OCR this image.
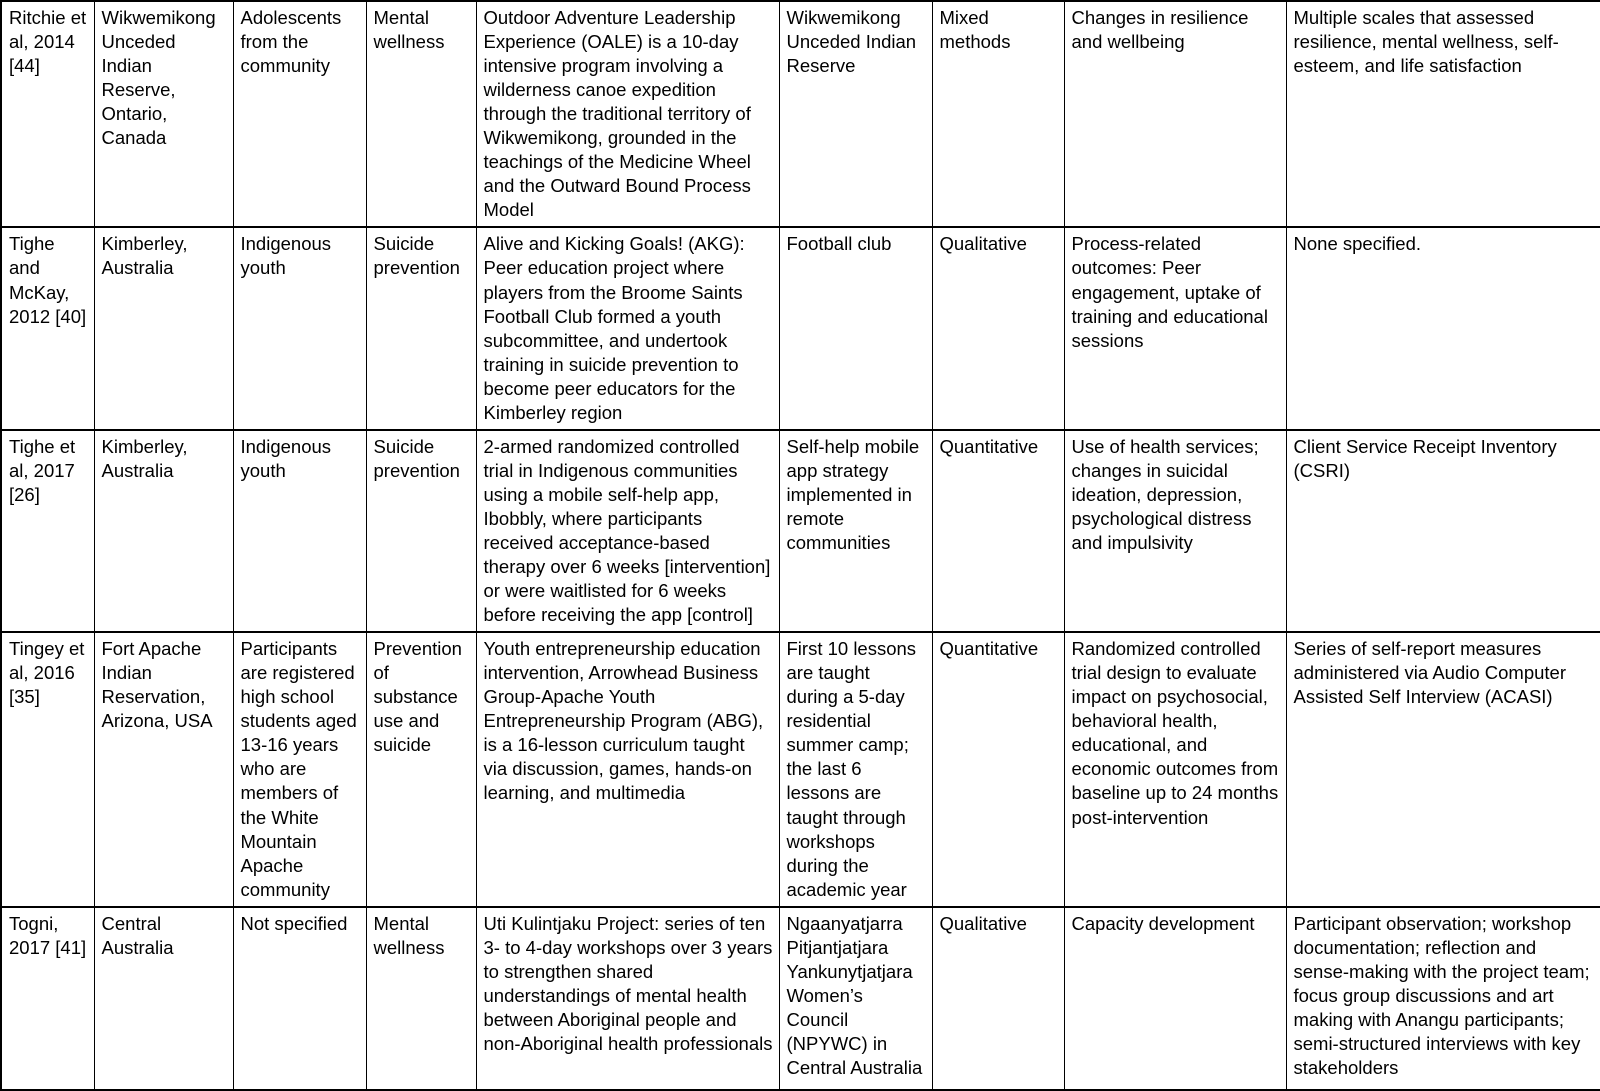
Ritchie et al, 2014 [44]	Wikwemikong Unceded Indian Reserve, Ontario, Canada	Adolescents from the community	Mental wellness	Outdoor Adventure Leadership Experience (OALE) is a 10-day intensive program involving a wilderness canoe expedition through the traditional territory of Wikwemikong, grounded in the teachings of the Medicine Wheel and the Outward Bound Process Model	Wikwemikong Unceded Indian Reserve	Mixed methods	Changes in resilience and wellbeing	Multiple scales that assessed resilience, mental wellness, self-esteem, and life satisfaction

Tighe and McKay, 2012 [40]	Kimberley, Australia	Indigenous youth	Suicide prevention	Alive and Kicking Goals! (AKG): Peer education project where players from the Broome Saints Football Club formed a youth subcommittee, and undertook training in suicide prevention to become peer educators for the Kimberley region	Football club	Qualitative	Process-related outcomes: Peer engagement, uptake of training and educational sessions	None specified.

Tighe et al, 2017 [26]	Kimberley, Australia	Indigenous youth	Suicide prevention	2-armed randomized controlled trial in Indigenous communities using a mobile self-help app, Ibobbly, where participants received acceptance-based therapy over 6 weeks [intervention] or were waitlisted for 6 weeks before receiving the app [control]	Self-help mobile app strategy implemented in remote communities	Quantitative	Use of health services; changes in suicidal ideation, depression, psychological distress and impulsivity	Client Service Receipt Inventory (CSRI)

Tingey et al, 2016 [35]	Fort Apache Indian Reservation, Arizona, USA	Participants are registered high school students aged 13-16 years who are members of the White Mountain Apache community	Prevention of substance use and suicide	Youth entrepreneurship education intervention, Arrowhead Business Group-Apache Youth Entrepreneurship Program (ABG), is a 16-lesson curriculum taught via discussion, games, hands-on learning, and multimedia	First 10 lessons are taught during a 5-day residential summer camp; the last 6 lessons are taught through workshops during the academic year	Quantitative	Randomized controlled trial design to evaluate impact on psychosocial, behavioral health, educational, and economic outcomes from baseline up to 24 months post-intervention	Series of self-report measures administered via Audio Computer Assisted Self Interview (ACASI)

Togni, 2017 [41]	Central Australia	Not specified	Mental wellness	Uti Kulintjaku Project: series of ten 3- to 4-day workshops over 3 years to strengthen shared understandings of mental health between Aboriginal people and non-Aboriginal health professionals	Ngaanyatjarra Pitjantjatjara Yankunytjatjara Women’s Council (NPYWC) in Central Australia	Qualitative	Capacity development	Participant observation; workshop documentation; reflection and sense-making with the project team; focus group discussions and art making with Anangu participants; semi-structured interviews with key stakeholders
